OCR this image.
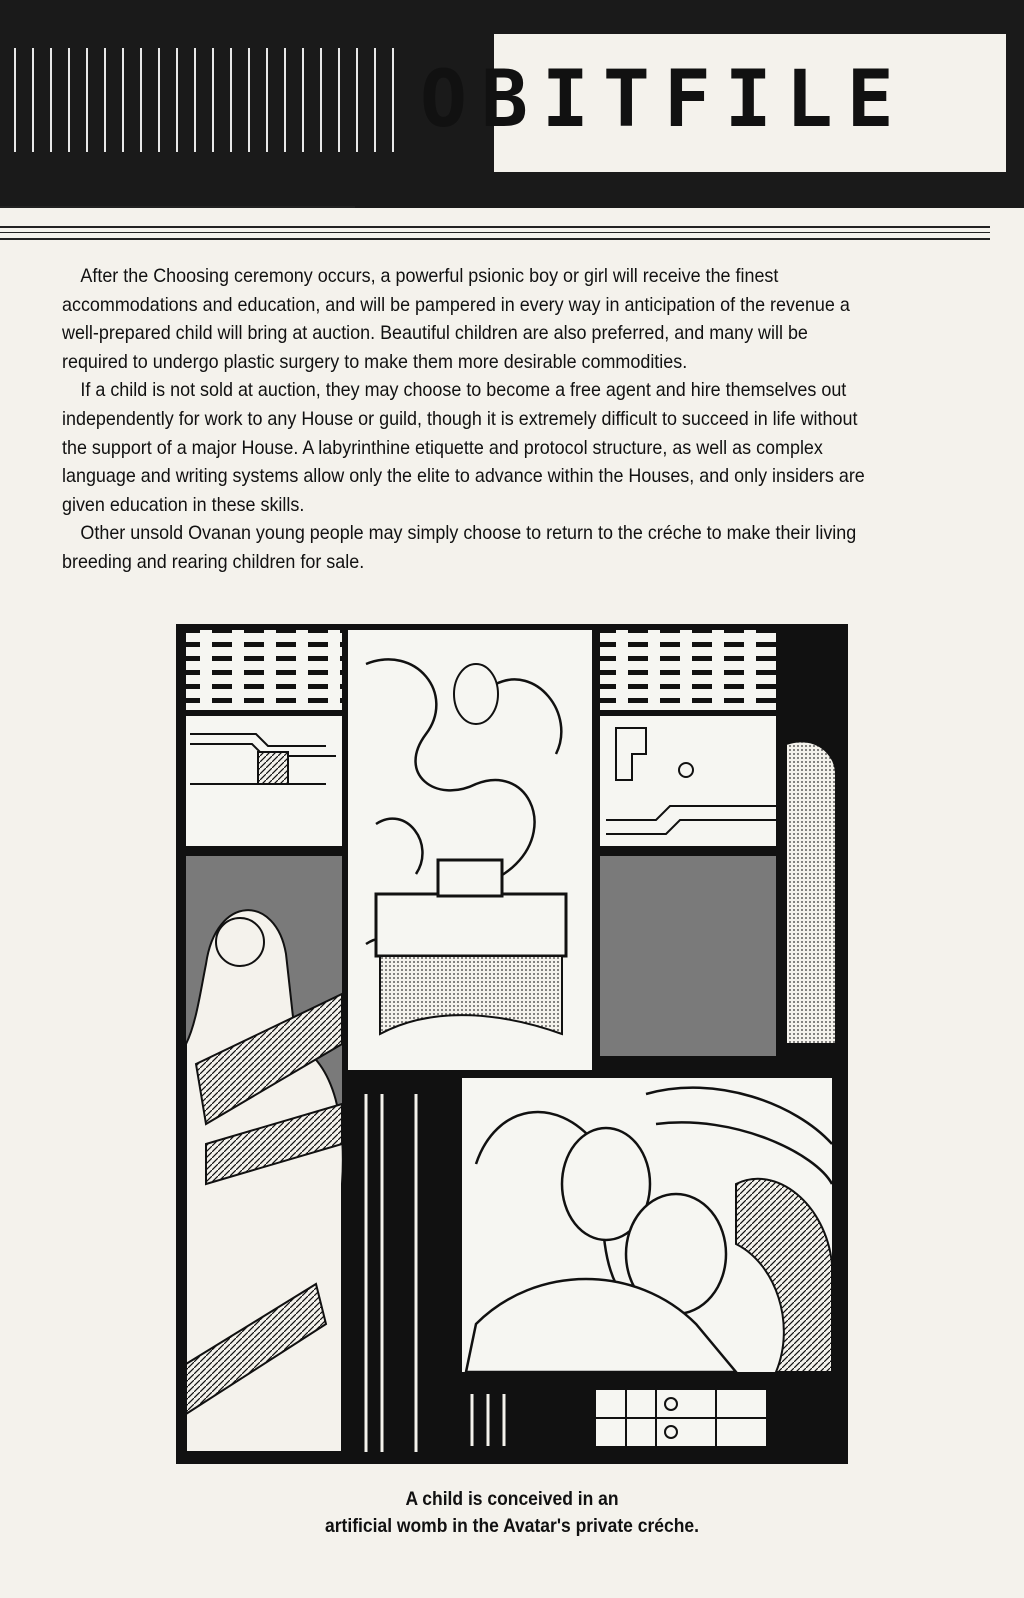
OBITFILE

After the Choosing ceremony occurs, a powerful psionic boy or girl will receive the finest accommodations and education, and will be pampered in every way in anticipation of the revenue a well-prepared child will bring at auction. Beautiful children are also preferred, and many will be required to undergo plastic surgery to make them more desirable commodities.

If a child is not sold at auction, they may choose to become a free agent and hire themselves out independently for work to any House or guild, though it is extremely difficult to succeed in life without the support of a major House. A labyrinthine etiquette and protocol structure, as well as complex language and writing systems allow only the elite to advance within the Houses, and only insiders are given education in these skills.

Other unsold Ovanan young people may simply choose to return to the créche to make their living breeding and rearing children for sale.

A child is conceived in an
artificial womb in the Avatar's private créche.
